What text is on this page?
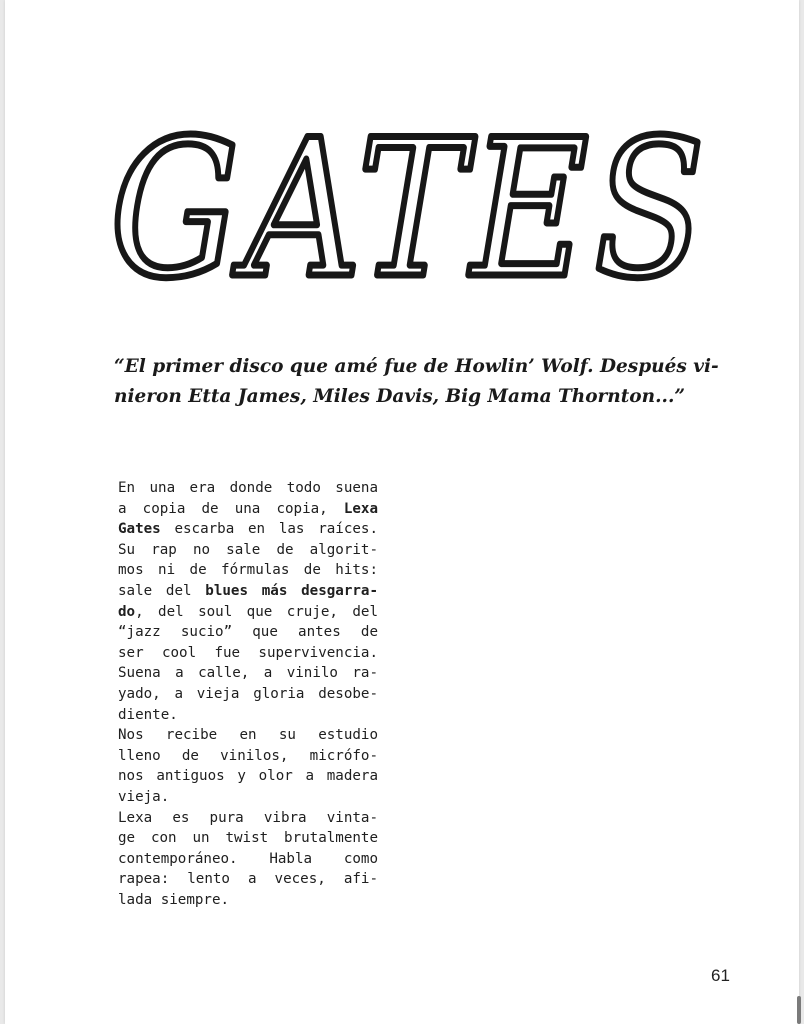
GATES

“El primer disco que amé fue de Howlin’ Wolf. Después vi-
nieron Etta James, Miles Davis, Big Mama Thornton...”

En una era donde todo suena
a copia de una copia, Lexa
Gates escarba en las raíces.
Su rap no sale de algorit-
mos ni de fórmulas de hits:
sale del blues más desgarra-
do, del soul que cruje, del
“jazz sucio” que antes de
ser cool fue supervivencia.
Suena a calle, a vinilo ra-
yado, a vieja gloria desobe-
diente.
Nos recibe en su estudio
lleno de vinilos, micrófo-
nos antiguos y olor a madera
vieja.
Lexa es pura vibra vinta-
ge con un twist brutalmente
contemporáneo. Habla como
rapea: lento a veces, afi-
lada siempre.
61
